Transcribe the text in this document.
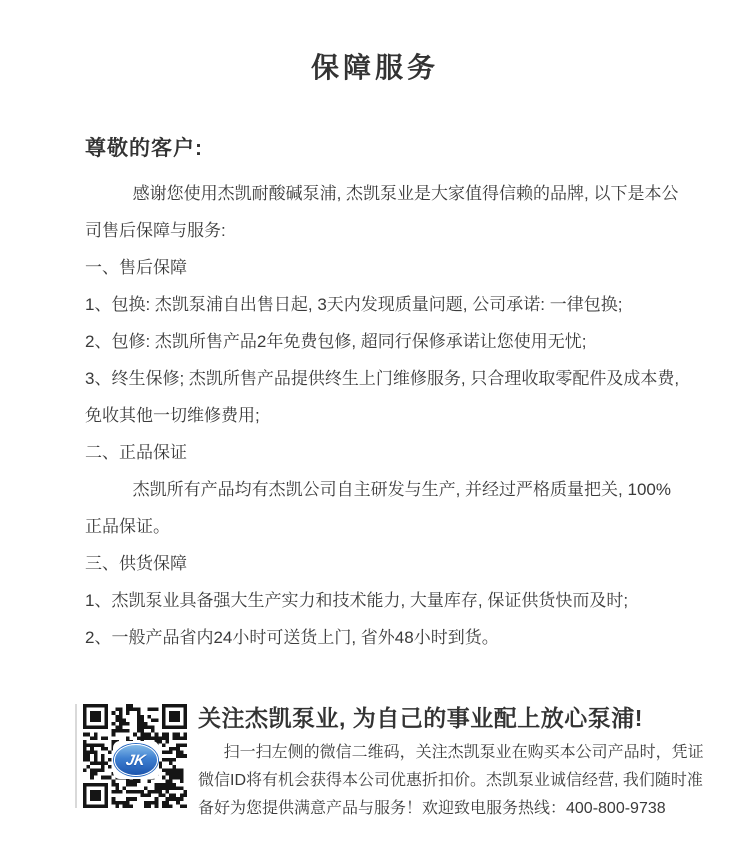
保障服务
尊敬的客户:

感谢您使用杰凯耐酸碱泵浦, 杰凯泵业是大家值得信赖的品牌, 以下是本公司售后保障与服务:

一、售后保障

1、包换: 杰凯泵浦自出售日起, 3天内发现质量问题, 公司承诺: 一律包换;

2、包修: 杰凯所售产品2年免费包修, 超同行保修承诺让您使用无忧;

3、终生保修; 杰凯所售产品提供终生上门维修服务, 只合理收取零配件及成本费, 免收其他一切维修费用;

二、正品保证

杰凯所有产品均有杰凯公司自主研发与生产, 并经过严格质量把关, 100%正品保证。

三、供货保障

1、杰凯泵业具备强大生产实力和技术能力, 大量库存, 保证供货快而及时;

2、一般产品省内24小时可送货上门, 省外48小时到货。

JK
关注杰凯泵业, 为自己的事业配上放心泵浦!

扫一扫左侧的微信二维码，关注杰凯泵业在购买本公司产品时，凭证微信ID将有机会获得本公司优惠折扣价。杰凯泵业诚信经营, 我们随时准备好为您提供满意产品与服务！欢迎致电服务热线：400-800-9738
